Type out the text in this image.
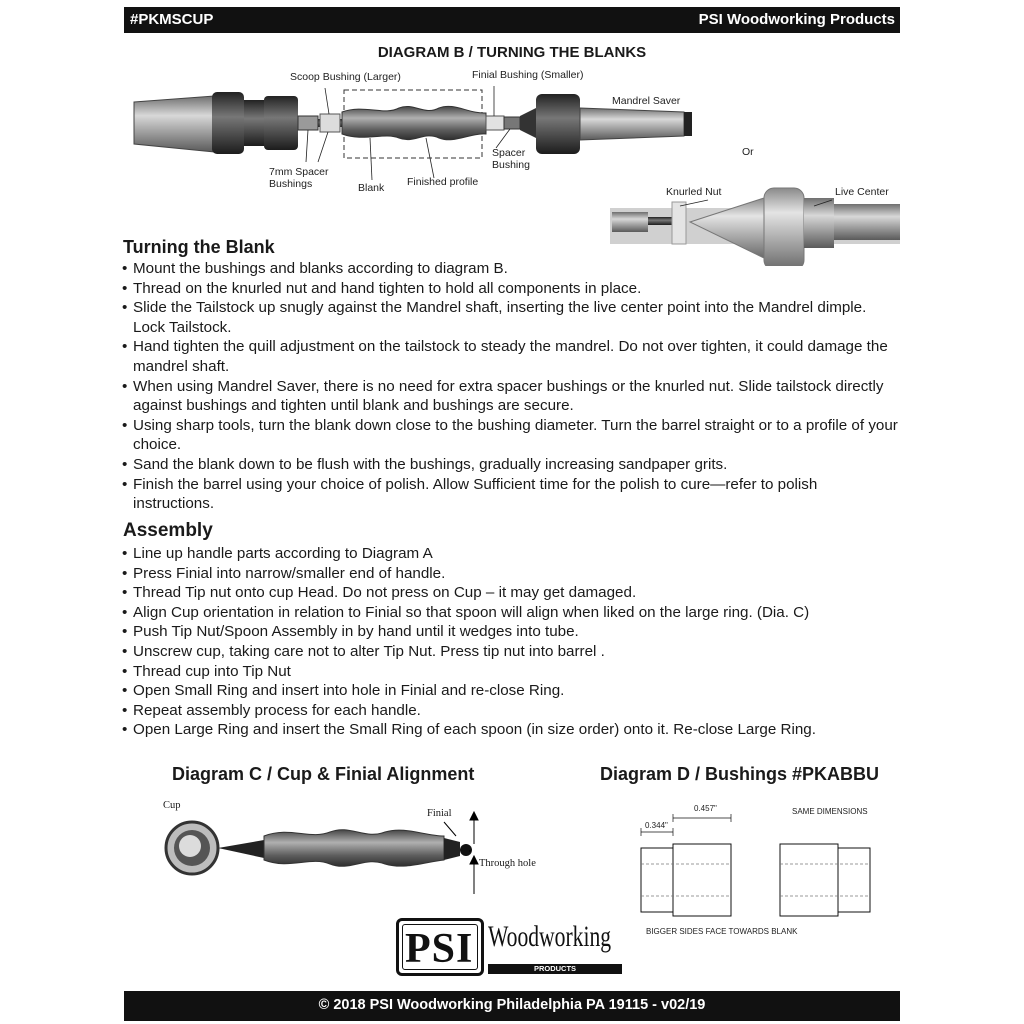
#PKMSCUP	PSI Woodworking Products
DIAGRAM B / TURNING THE BLANKS
Scoop Bushing (Larger)	Finial Bushing (Smaller)
Mandrel Saver
7mm Spacer
Bushings	Blank Finished profile
Spacer
Bushing
Or
Knurled Nut	Live Center
Turning the Blank
• Mount the bushings and blanks according to diagram B.
• Thread on the knurled nut and hand tighten to hold all components in place.
• Slide the Tailstock up snugly against the Mandrel shaft, inserting the live center point into the Mandrel dimple. Lock Tailstock.
• Hand tighten the quill adjustment on the tailstock to steady the mandrel. Do not over tighten, it could damage the mandrel shaft.
• When using Mandrel Saver, there is no need for extra spacer bushings or the knurled nut. Slide tailstock directly against bushings and tighten until blank and bushings are secure.
• Using sharp tools, turn the blank down close to the bushing diameter. Turn the barrel straight or to a profile of your choice.
• Sand the blank down to be flush with the bushings, gradually increasing sandpaper grits.
• Finish the barrel using your choice of polish. Allow Sufficient time for the polish to cure—refer to polish instructions.
Assembly
• Line up handle parts according to Diagram A
• Press Finial into narrow/smaller end of handle.
• Thread Tip nut onto cup Head. Do not press on Cup – it may get damaged.
• Align Cup orientation in relation to Finial so that spoon will align when liked on the large ring. (Dia. C)
• Push Tip Nut/Spoon Assembly in by hand until it wedges into tube.
• Unscrew cup, taking care not to alter Tip Nut. Press tip nut into barrel .
• Thread cup into Tip Nut
• Open Small Ring and insert into hole in Finial and re-close Ring.
• Repeat assembly process for each handle.
• Open Large Ring and insert the Small Ring of each spoon (in size order) onto it. Re-close Large Ring.
Diagram C / Cup & Finial Alignment
Cup
Finial
Through hole
Diagram D / Bushings #PKABBU
0.344"
0.457"	SAME DIMENSIONS
BIGGER SIDES FACE TOWARDS BLANK
PSI Woodworking
PRODUCTS
© 2018 PSI Woodworking Philadelphia PA 19115 - v02/19
